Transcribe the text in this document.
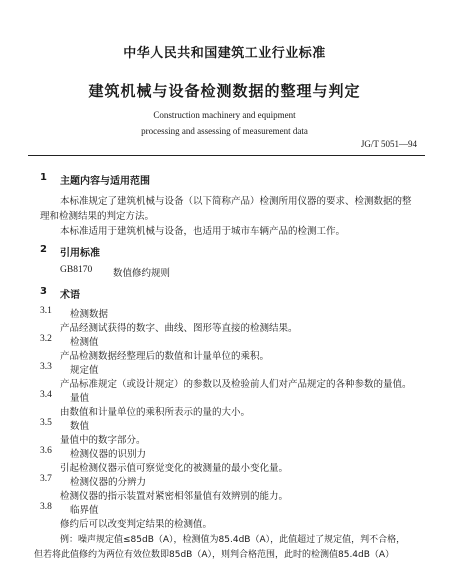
中华人民共和国建筑工业行业标准
建筑机械与设备检测数据的整理与判定
Construction machinery and equipment
processing and assessing of measurement data
JG/T 5051—94
1 主题内容与适用范围
本标准规定了建筑机械与设备（以下简称产品）检测所用仪器的要求、检测数据的整
理和检测结果的判定方法。
本标准适用于建筑机械与设备，也适用于城市车辆产品的检测工作。
2 引用标准
GB8170 数值修约规则
3 术语
3.1 检测数据
产品经测试获得的数字、曲线、图形等直接的检测结果。
3.2 检测值
产品检测数据经整理后的数值和计量单位的乘积。
3.3 规定值
产品标准规定（或设计规定）的参数以及检验前人们对产品规定的各种参数的量值。
3.4 量值
由数值和计量单位的乘积所表示的量的大小。
3.5 数值
量值中的数字部分。
3.6 检测仪器的识别力
引起检测仪器示值可察觉变化的被测量的最小变化量。
3.7 检测仪器的分辨力
检测仪器的指示装置对紧密相邻量值有效辨别的能力。
3.8 临界值
修约后可以改变判定结果的检测值。
例：噪声规定值≤85dB（A），检测值为85.4dB（A），此值超过了规定值，判不合格，
但若将此值修约为两位有效位数即85dB（A），则判合格范围，此时的检测值85.4dB（A）
